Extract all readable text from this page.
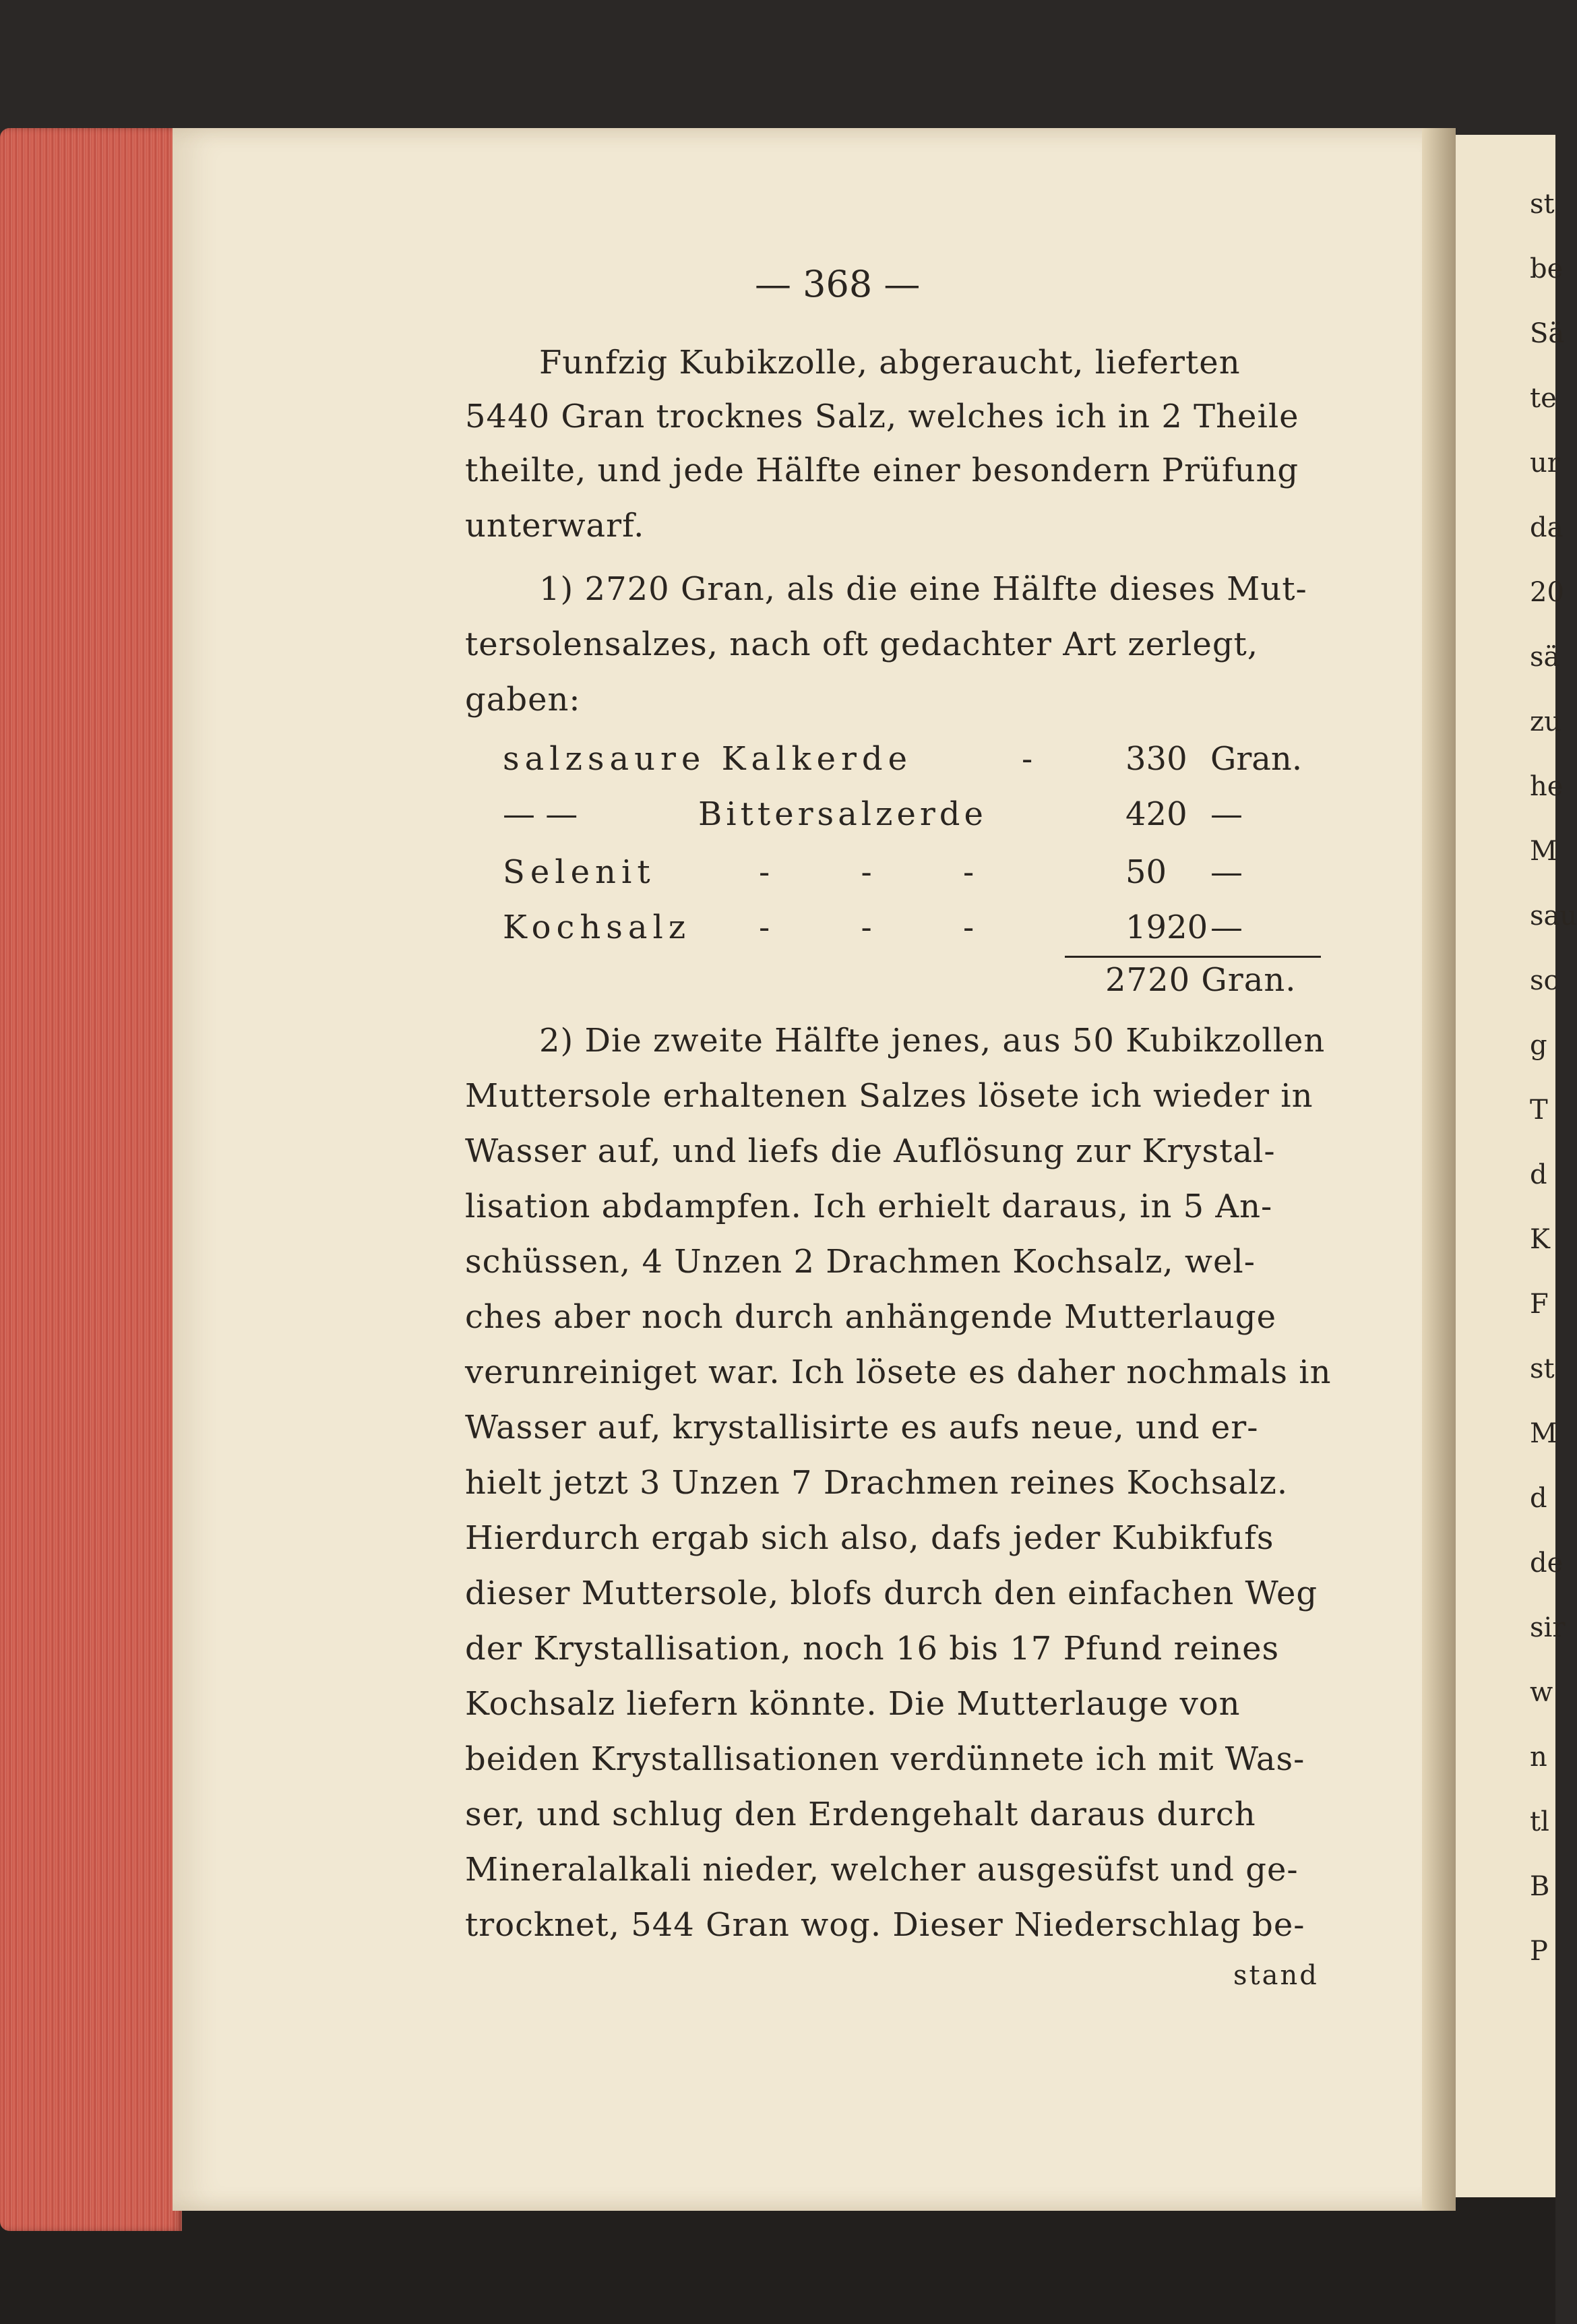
st
be
Sä
te
ur
da
20
sä
zu
he
M
sau
sc
g
T
d
K
F
st
M
d
de
sir
w
n
tl
B
P
— 368 —
Funfzig Kubikzolle, abgeraucht, lieferten
5440 Gran trocknes Salz, welches ich in 2 Theile
theilte, und jede Hälfte einer besondern Prüfung
unterwarf.
1) 2720 Gran, als die eine Hälfte dieses Mut-
tersolensalzes, nach oft gedachter Art zerlegt,
gaben:
salzsaure Kalkerde	-	330 Gran.
— —	Bittersalzerde	420 —
Selenit	- - -	50 —
Kochsalz - - -	1920 —
2720 Gran.
2) Die zweite Hälfte jenes, aus 50 Kubikzollen
Muttersole erhaltenen Salzes lösete ich wieder in
Wasser auf, und liefs die Auflösung zur Krystal-
lisation abdampfen. Ich erhielt daraus, in 5 An-
schüssen, 4 Unzen 2 Drachmen Kochsalz, wel-
ches aber noch durch anhängende Mutterlauge
verunreiniget war. Ich lösete es daher nochmals in
Wasser auf, krystallisirte es aufs neue, und er-
hielt jetzt 3 Unzen 7 Drachmen reines Kochsalz.
Hierdurch ergab sich also, dafs jeder Kubikfufs
dieser Muttersole, blofs durch den einfachen Weg
der Krystallisation, noch 16 bis 17 Pfund reines
Kochsalz liefern könnte. Die Mutterlauge von
beiden Krystallisationen verdünnete ich mit Was-
ser, und schlug den Erdengehalt daraus durch
Mineralalkali nieder, welcher ausgesüfst und ge-
trocknet, 544 Gran wog. Dieser Niederschlag be-
stand
